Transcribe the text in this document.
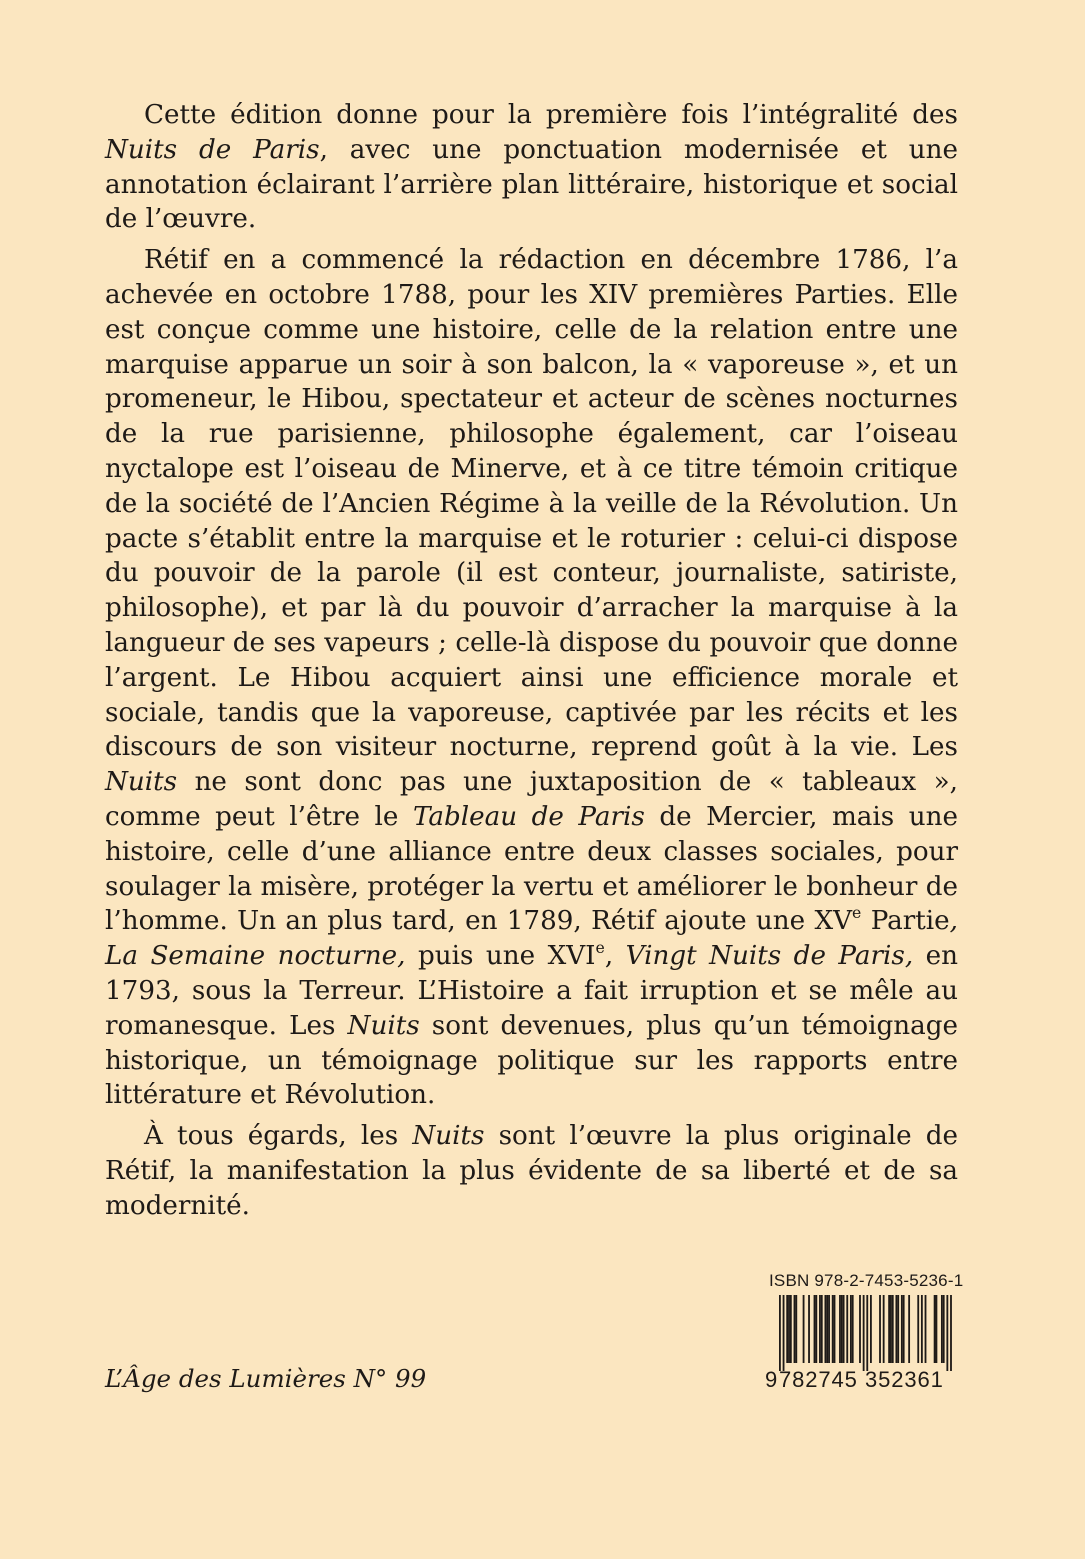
Cette édition donne pour la première fois l’intégralité des Nuits de Paris, avec une ponctuation modernisée et une annotation éclairant l’arrière plan littéraire, historique et social de l’œuvre.

Rétif en a commencé la rédaction en décembre 1786, l’a achevée en octobre 1788, pour les XIV premières Parties. Elle est conçue comme une histoire, celle de la relation entre une marquise apparue un soir à son balcon, la « vaporeuse », et un promeneur, le Hibou, spectateur et acteur de scènes nocturnes de la rue parisienne, philosophe également, car l’oiseau nyctalope est l’oiseau de Minerve, et à ce titre témoin critique de la société de l’Ancien Régime à la veille de la Révolution. Un pacte s’établit entre la marquise et le roturier : celui-ci dispose du pouvoir de la parole (il est conteur, journaliste, satiriste, philosophe), et par là du pouvoir d’arracher la marquise à la langueur de ses vapeurs ; celle-là dispose du pouvoir que donne l’argent. Le Hibou acquiert ainsi une efficience morale et sociale, tandis que la vaporeuse, captivée par les récits et les discours de son visiteur nocturne, reprend goût à la vie. Les Nuits ne sont donc pas une juxtaposition de « tableaux », comme peut l’être le Tableau de Paris de Mercier, mais une histoire, celle d’une alliance entre deux classes sociales, pour soulager la misère, protéger la vertu et améliorer le bonheur de l’homme. Un an plus tard, en 1789, Rétif ajoute une XVe Partie, La Semaine nocturne, puis une XVIe, Vingt Nuits de Paris, en 1793, sous la Terreur. L’Histoire a fait irruption et se mêle au romanesque. Les Nuits sont devenues, plus qu’un témoignage historique, un témoignage politique sur les rapports entre littérature et Révolution.

À tous égards, les Nuits sont l’œuvre la plus originale de Rétif, la manifestation la plus évidente de sa liberté et de sa modernité.

L’Âge des Lumières N° 99
ISBN 978-2-7453-5236-1
9 782745 352361
